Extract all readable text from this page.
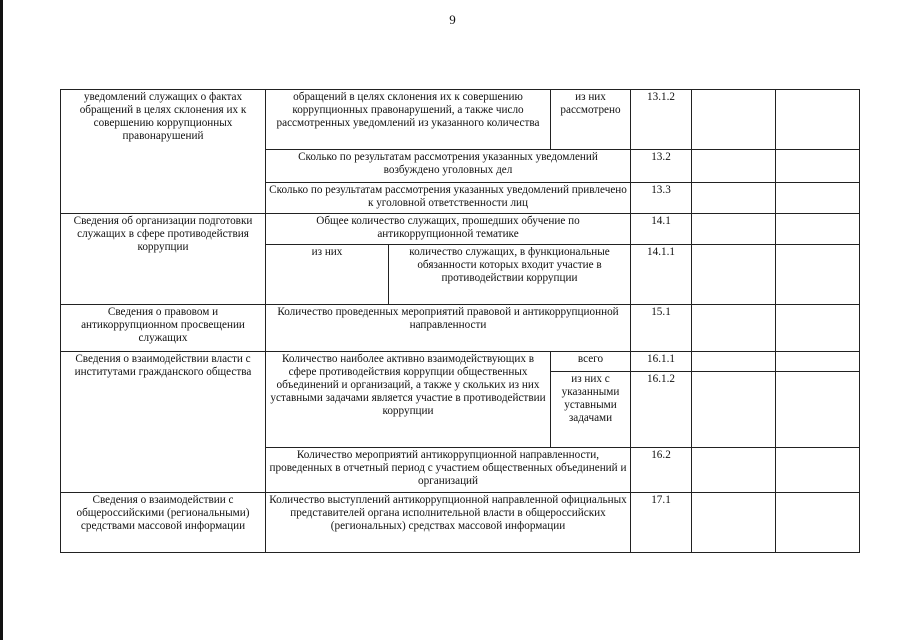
9
уведомлений служащих о фактах обращений в целях склонения их к совершению коррупционных правонарушений	обращений в целях склонения их к совершению коррупционных правонарушений, а также число рассмотренных уведомлений из указанного количества		из них рассмотрено	13.1.2		
	Сколько по результатам рассмотрения указанных уведомлений возбуждено уголовных дел			13.2		
	Сколько по результатам рассмотрения указанных уведомлений привлечено к уголовной ответственности лиц			13.3		
Сведения об организации подготовки служащих в сфере противодействия коррупции	Общее количество служащих, прошедших обучение по антикоррупционной тематике			14.1		
	из них	количество служащих, в функциональные обязанности которых входит участие в противодействии коррупции		14.1.1		
Сведения о правовом и антикоррупционном просвещении служащих	Количество проведенных мероприятий правовой и антикоррупционной направленности			15.1		
Сведения о взаимодействии власти с институтами гражданского общества	Количество наиболее активно взаимодействующих в сфере противодействия коррупции общественных объединений и организаций, а также у скольких из них уставными задачами является участие в противодействии коррупции		всего	16.1.1		
			из них с указанными уставными задачами	16.1.2		
	Количество мероприятий антикоррупционной направленности, проведенных в отчетный период с участием общественных объединений и организаций			16.2		
Сведения о взаимодействии с общероссийскими (региональными) средствами массовой информации	Количество выступлений антикоррупционной направленной официальных представителей органа исполнительной власти в общероссийских (региональных) средствах массовой информации			17.1		
